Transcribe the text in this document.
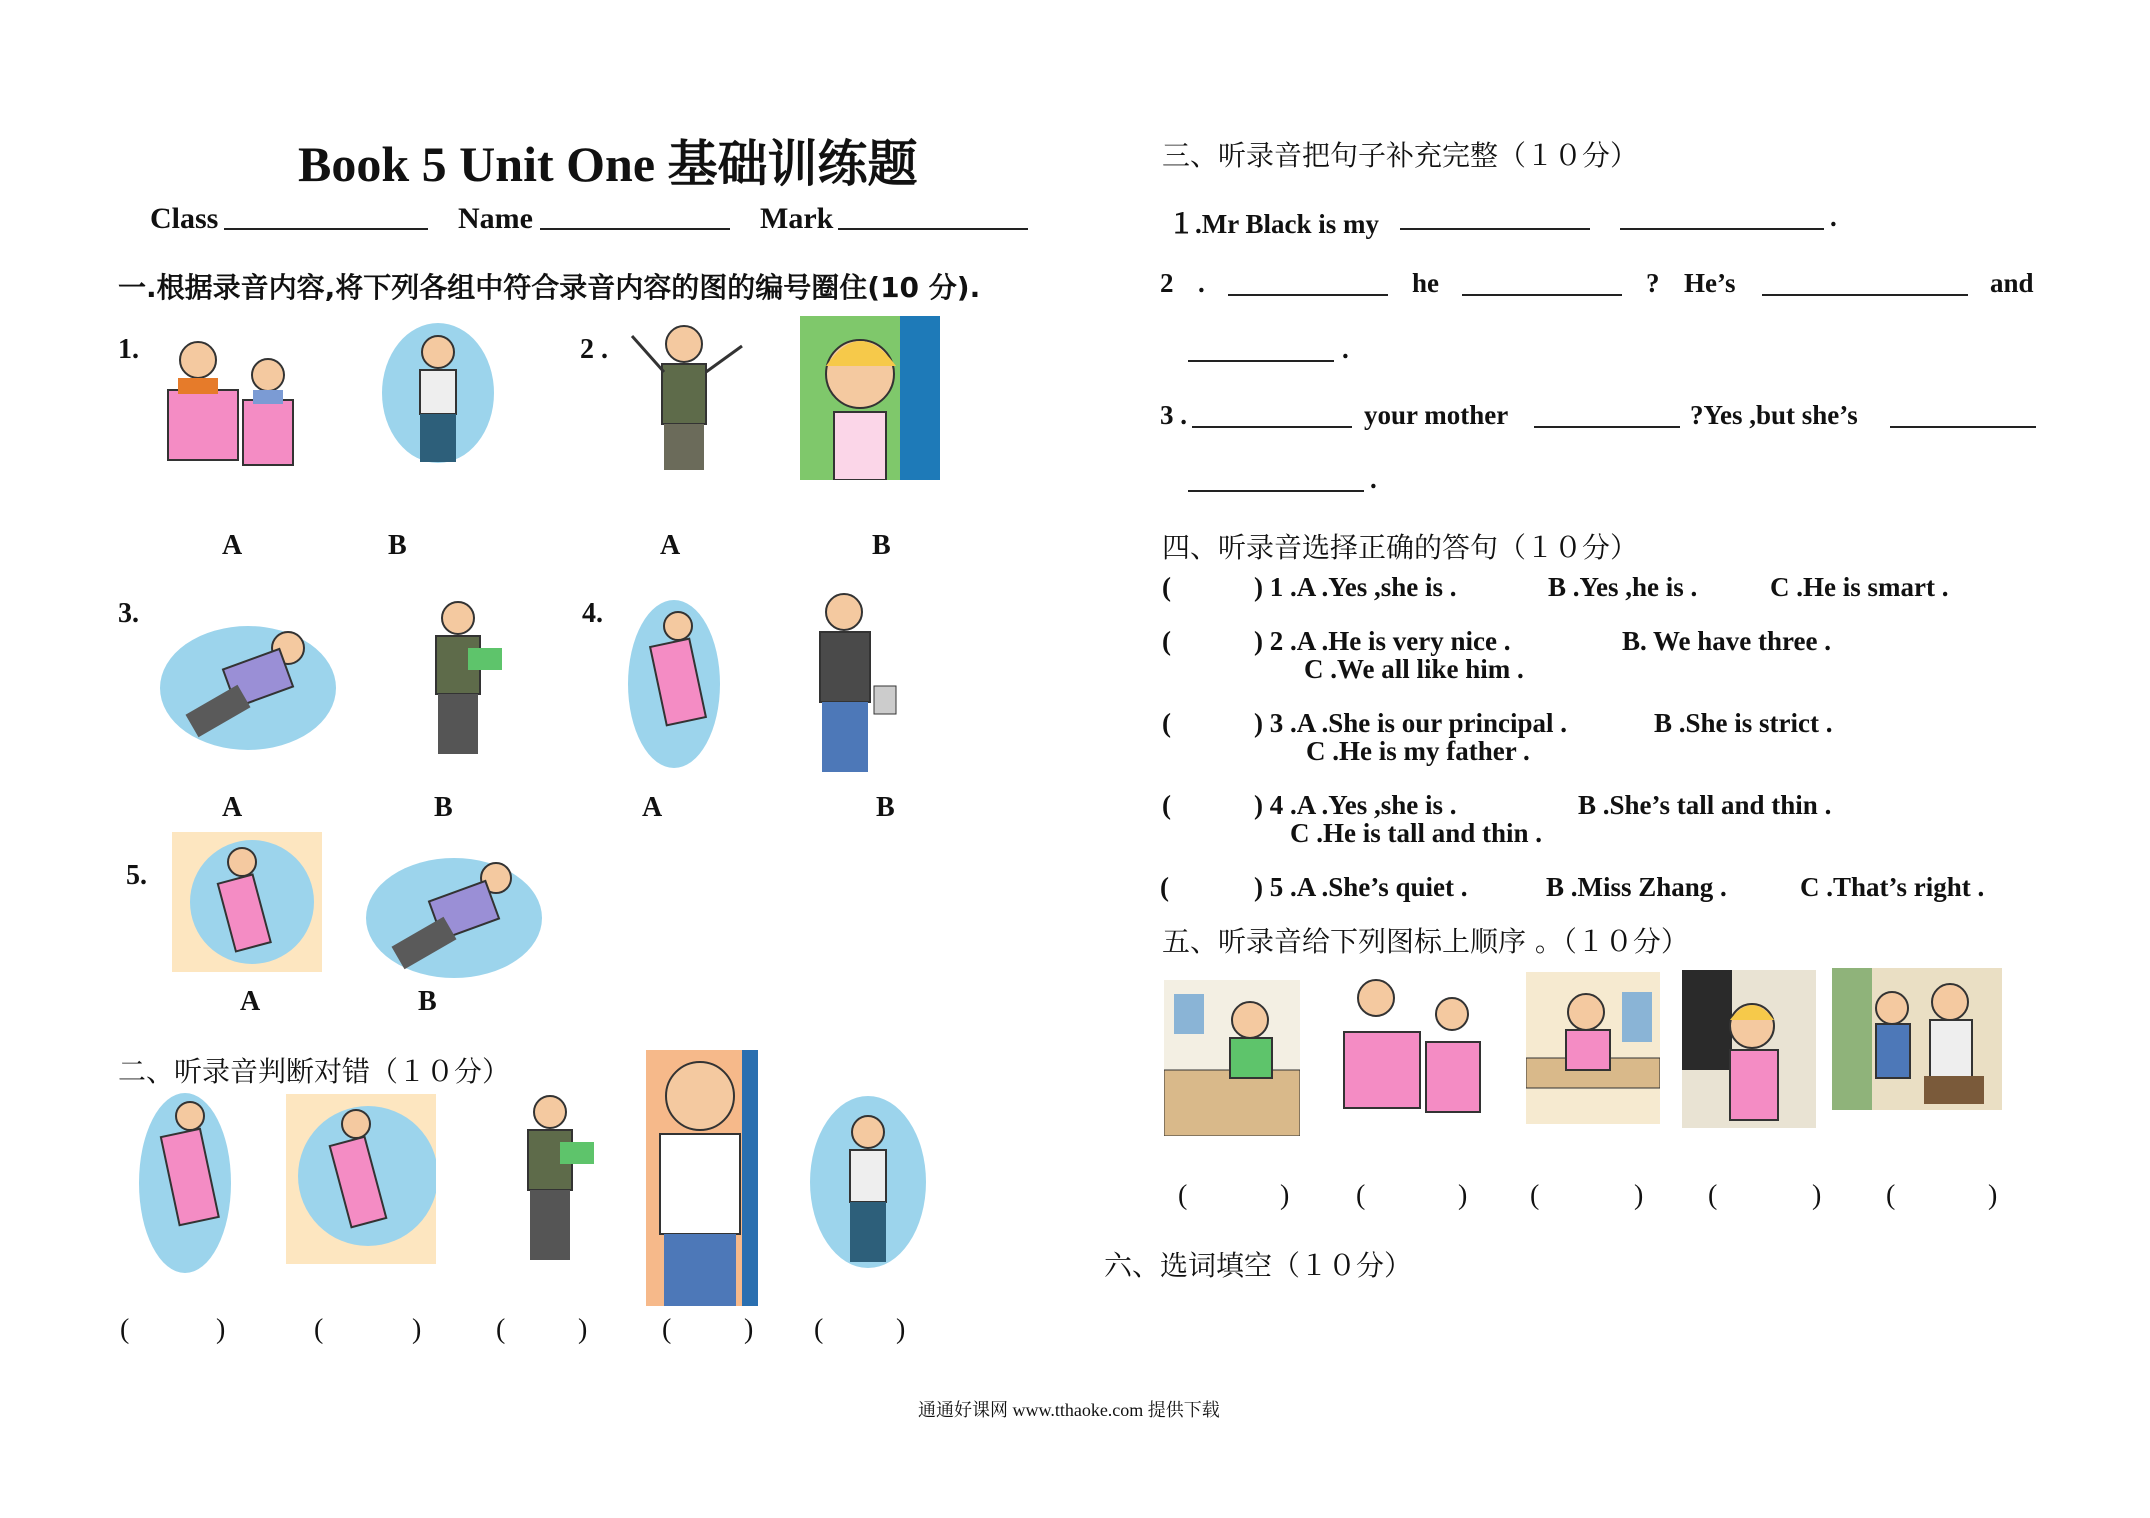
Book 5 Unit One 基础训练题
Class	Name	Mark
一.根据录音内容,将下列各组中符合录音内容的图的编号圈住(10 分).
1.
A	B
2 .
A	B
3.
A	B
4.
A	B
5.
A	B
二、听录音判断对错（１０分）
(	)	(	)	(	)	(	) (	)
三、听录音把句子补充完整（１０分）
１.Mr Black is my	.
2 .	he	? He’s	and
.
3 .	your mother	?Yes ,but she’s
.
四、听录音选择正确的答句（１０分）
(	) 1 .A .Yes ,she is .	B .Yes ,he is .	C .He is smart .
(	) 2 .A .He is very nice .	B. We have three .
C .We all like him .
(	) 3 .A .She is our principal .	B .She is strict .
C .He is my father .
(	) 4 .A .Yes ,she is .	B .She’s tall and thin .
C .He is tall and thin .
(	) 5 .A .She’s quiet .	B .Miss Zhang .	C .That’s right .
五、听录音给下列图标上顺序 。（１０分）
(	) (	) (	) (	) (	)
六、选词填空（１０分）
通通好课网 www.tthaoke.com 提供下载
